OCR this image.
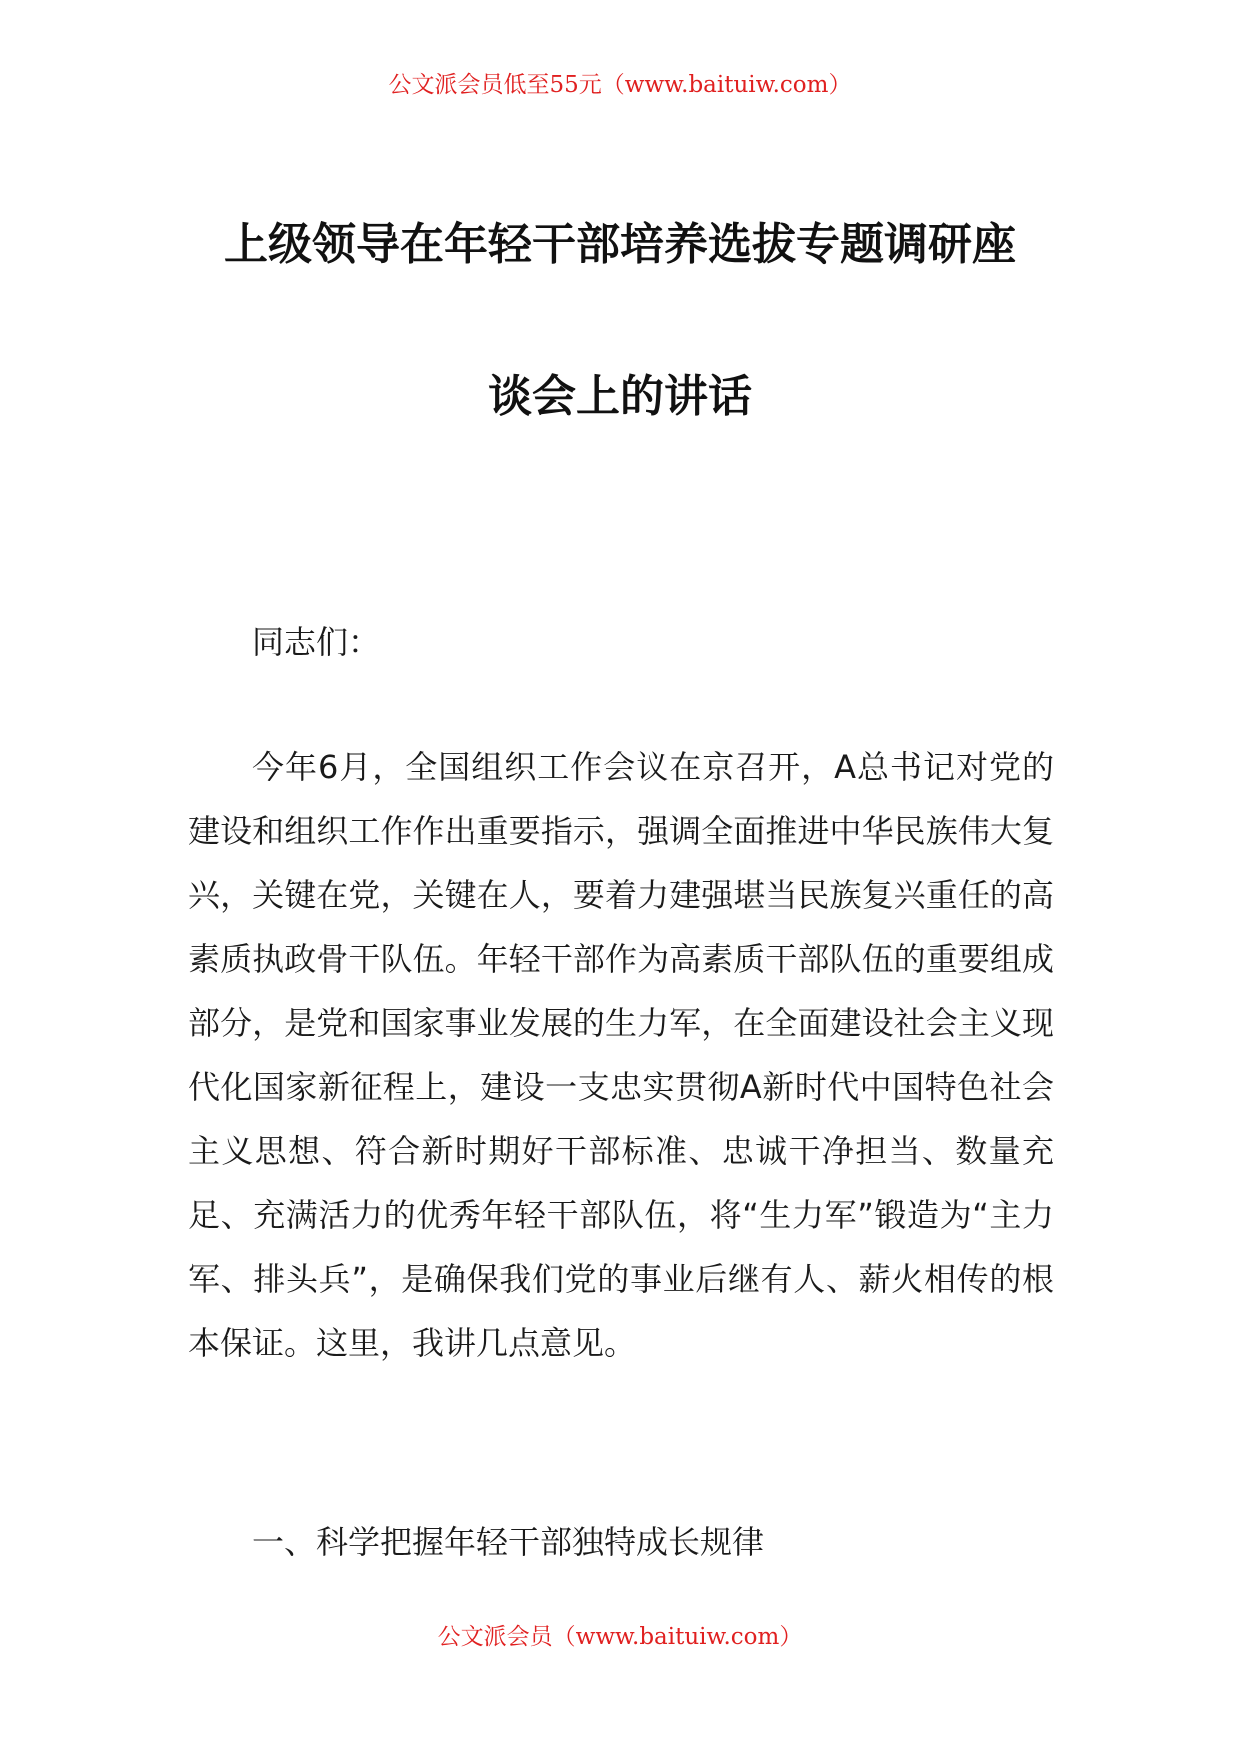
公文派会员低至55元（www.baituiw.com）
上级领导在年轻干部培养选拔专题调研座
谈会上的讲话
同志们：
今年6月，全国组织工作会议在京召开，A总书记对党的建设和组织工作作出重要指示，强调全面推进中华民族伟大复兴，关键在党，关键在人，要着力建强堪当民族复兴重任的高素质执政骨干队伍。年轻干部作为高素质干部队伍的重要组成部分，是党和国家事业发展的生力军，在全面建设社会主义现代化国家新征程上，建设一支忠实贯彻A新时代中国特色社会主义思想、符合新时期好干部标准、忠诚干净担当、数量充足、充满活力的优秀年轻干部队伍，将“生力军”锻造为“主力军、排头兵”，是确保我们党的事业后继有人、薪火相传的根本保证。这里，我讲几点意见。
一、科学把握年轻干部独特成长规律
公文派会员（www.baituiw.com）
